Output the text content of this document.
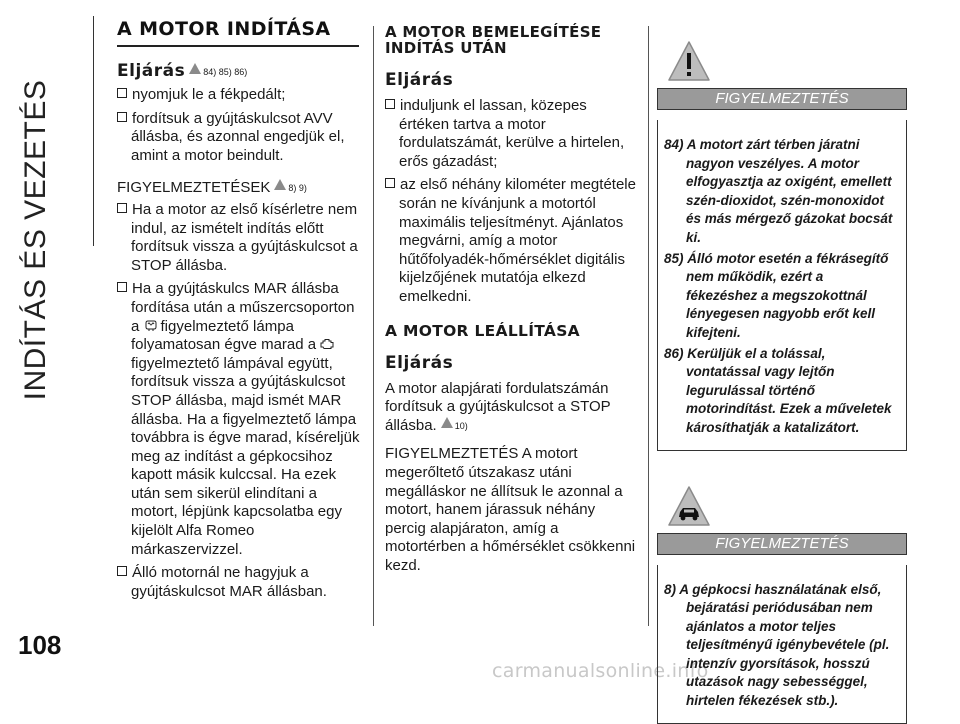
INDÍTÁS ÉS VEZETÉS
108
carmanualsonline.info
A MOTOR INDÍTÁSA
Eljárás 84) 85) 86)

nyomjuk le a fékpedált;

fordítsuk a gyújtáskulcsot AVV állásba, és azonnal engedjük el, amint a motor beindult.

FIGYELMEZTETÉSEK 8) 9)

Ha a motor az első kísérletre nem indul, az ismételt indítás előtt fordítsuk vissza a gyújtáskulcsot a STOP állásba.

Ha a gyújtáskulcs MAR állásba fordítása után a műszercsoporton a figyelmeztető lámpa folyamatosan égve marad a figyelmeztető lámpával együtt, fordítsuk vissza a gyújtáskulcsot STOP állásba, majd ismét MAR állásba. Ha a figyelmeztető lámpa továbbra is égve marad, kíséreljük meg az indítást a gépkocsihoz kapott másik kulccsal. Ha ezek után sem sikerül elindítani a motort, lépjünk kapcsolatba egy kijelölt Alfa Romeo márkaszervizzel.

Álló motornál ne hagyjuk a gyújtáskulcsot MAR állásban.

A MOTOR BEMELEGÍTÉSE INDÍTÁS UTÁN
Eljárás

induljunk el lassan, közepes értéken tartva a motor fordulatszámát, kerülve a hirtelen, erős gázadást;

az első néhány kilométer megtétele során ne kívánjunk a motortól maximális teljesítményt. Ajánlatos megvárni, amíg a motor hűtőfolyadék-hőmérséklet digitális kijelzőjének mutatója elkezd emelkedni.

A MOTOR LEÁLLÍTÁSA
Eljárás

A motor alapjárati fordulatszámán fordítsuk a gyújtáskulcsot a STOP állásba. 10)

FIGYELMEZTETÉS A motort megerőltető útszakasz utáni megálláskor ne állítsuk le azonnal a motort, hanem járassuk néhány percig alapjáraton, amíg a motortérben a hőmérséklet csökkenni kezd.

FIGYELMEZTETÉS
84) A motort zárt térben járatni nagyon veszélyes. A motor elfogyasztja az oxigént, emellett szén-dioxidot, szén-monoxidot és más mérgező gázokat bocsát ki.
85) Álló motor esetén a fékrásegítő nem működik, ezért a fékezéshez a megszokottnál lényegesen nagyobb erőt kell kifejteni.
86) Kerüljük el a tolással, vontatással vagy lejtőn legurulással történő motorindítást. Ezek a műveletek károsíthatják a katalizátort.
FIGYELMEZTETÉS
8) A gépkocsi használatának első, bejáratási periódusában nem ajánlatos a motor teljes teljesítményű igénybevétele (pl. intenzív gyorsítások, hosszú utazások nagy sebességgel, hirtelen fékezések stb.).
